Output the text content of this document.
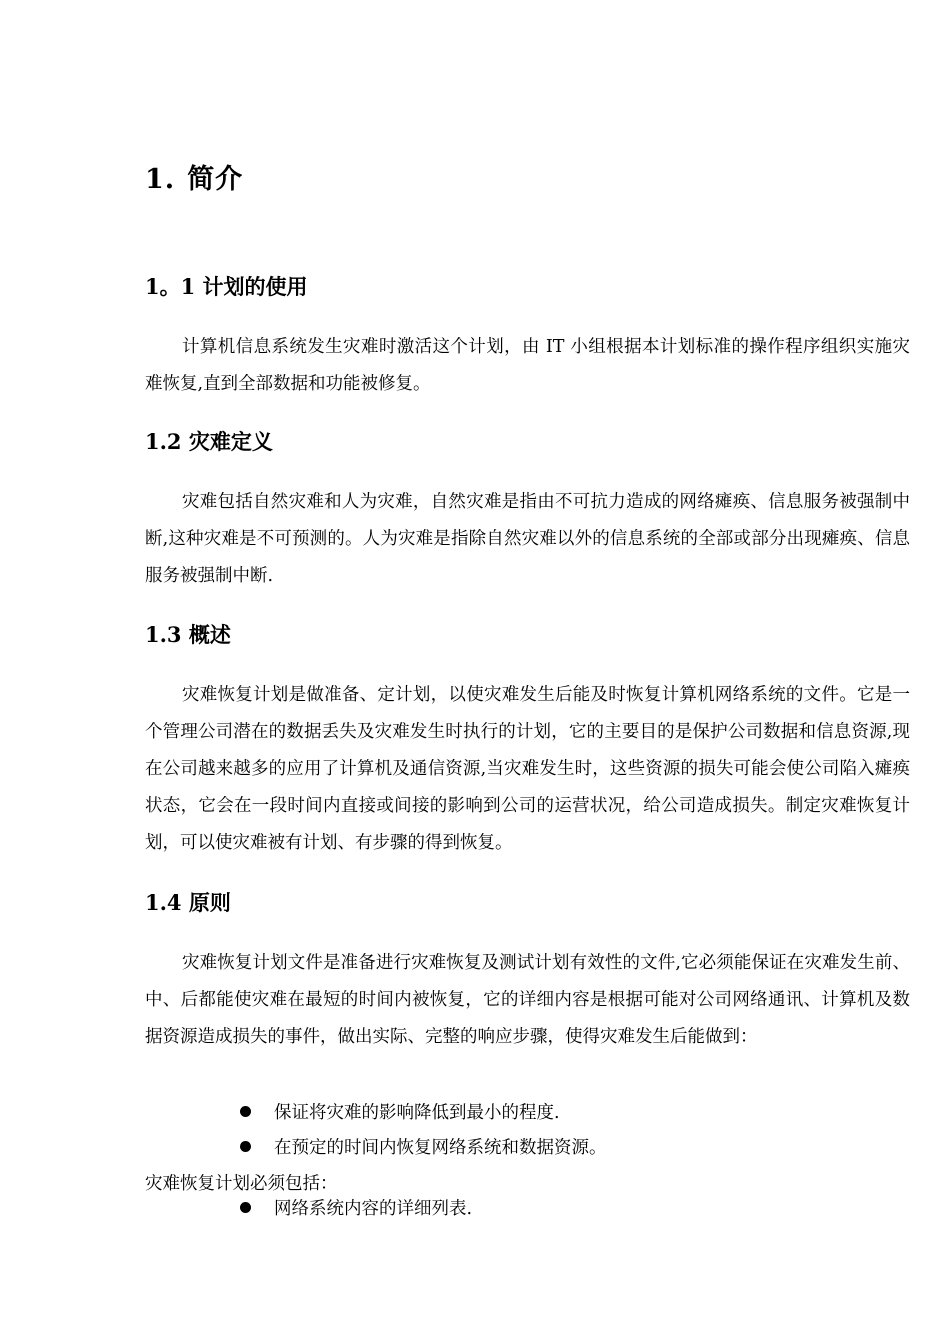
1. 简介
1。1 计划的使用

计算机信息系统发生灾难时激活这个计划，由 IT 小组根据本计划标准的操作程序组织实施灾难恢复,直到全部数据和功能被修复。

1.2 灾难定义

灾难包括自然灾难和人为灾难，自然灾难是指由不可抗力造成的网络瘫痪、信息服务被强制中断,这种灾难是不可预测的。人为灾难是指除自然灾难以外的信息系统的全部或部分出现瘫痪、信息服务被强制中断.

1.3 概述

灾难恢复计划是做准备、定计划，以使灾难发生后能及时恢复计算机网络系统的文件。它是一个管理公司潜在的数据丢失及灾难发生时执行的计划，它的主要目的是保护公司数据和信息资源,现在公司越来越多的应用了计算机及通信资源,当灾难发生时，这些资源的损失可能会使公司陷入瘫痪状态，它会在一段时间内直接或间接的影响到公司的运营状况，给公司造成损失。制定灾难恢复计划，可以使灾难被有计划、有步骤的得到恢复。

1.4 原则

灾难恢复计划文件是准备进行灾难恢复及测试计划有效性的文件,它必须能保证在灾难发生前、中、后都能使灾难在最短的时间内被恢复，它的详细内容是根据可能对公司网络通讯、计算机及数据资源造成损失的事件，做出实际、完整的响应步骤，使得灾难发生后能做到：

保证将灾难的影响降低到最小的程度.
在预定的时间内恢复网络系统和数据资源。

灾难恢复计划必须包括：

网络系统内容的详细列表.
